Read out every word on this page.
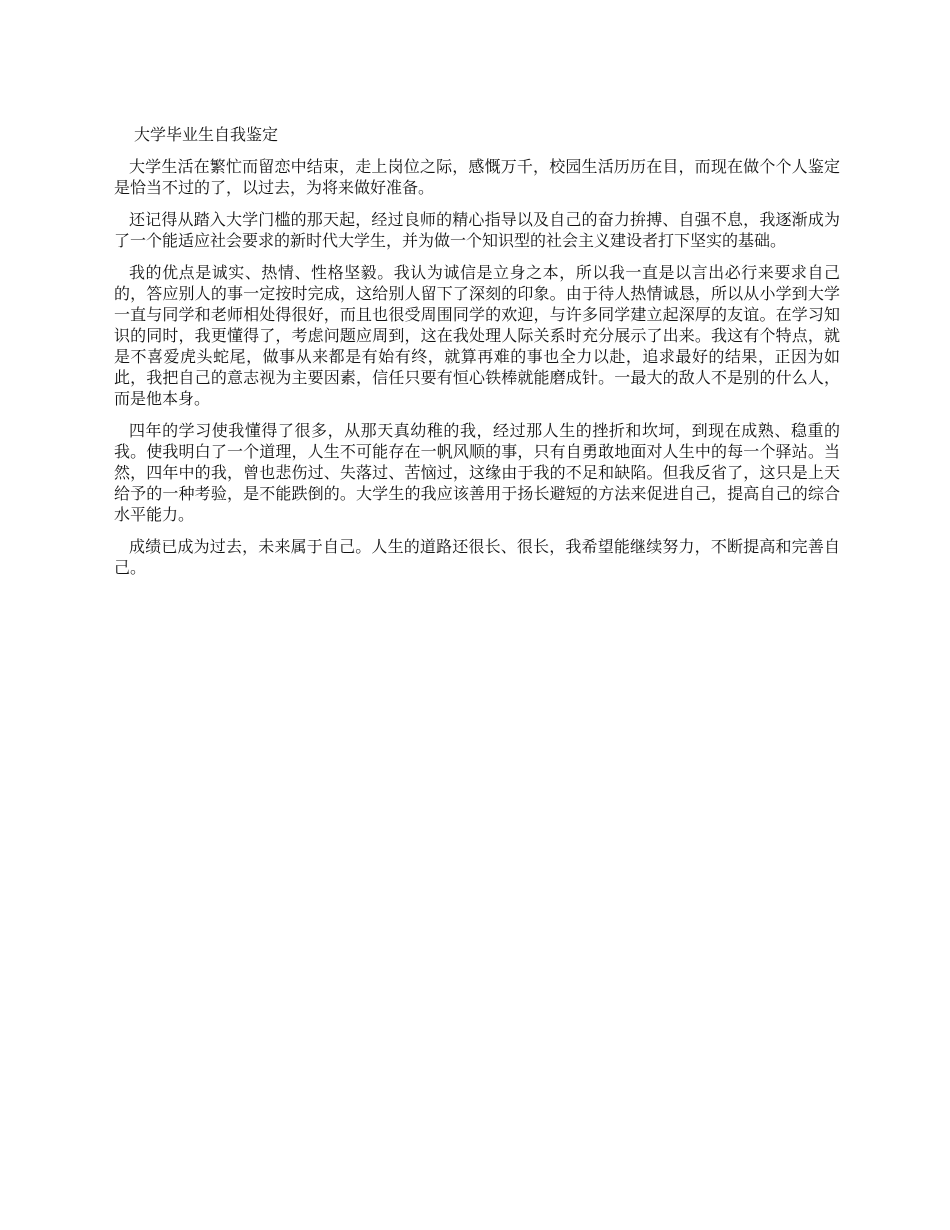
大学毕业生自我鉴定

大学生活在繁忙而留恋中结束，走上岗位之际，感慨万千，校园生活历历在目，而现在做个个人鉴定是恰当不过的了，以过去，为将来做好准备。

还记得从踏入大学门槛的那天起，经过良师的精心指导以及自己的奋力拚搏、自强不息，我逐渐成为了一个能适应社会要求的新时代大学生，并为做一个知识型的社会主义建设者打下坚实的基础。

我的优点是诚实、热情、性格坚毅。我认为诚信是立身之本，所以我一直是以言出必行来要求自己的，答应别人的事一定按时完成，这给别人留下了深刻的印象。由于待人热情诚恳，所以从小学到大学一直与同学和老师相处得很好，而且也很受周围同学的欢迎，与许多同学建立起深厚的友谊。在学习知识的同时，我更懂得了，考虑问题应周到，这在我处理人际关系时充分展示了出来。我这有个特点，就是不喜爱虎头蛇尾，做事从来都是有始有终，就算再难的事也全力以赴，追求最好的结果，正因为如此，我把自己的意志视为主要因素，信任只要有恒心铁棒就能磨成针。一最大的敌人不是别的什么人，而是他本身。

四年的学习使我懂得了很多，从那天真幼稚的我，经过那人生的挫折和坎坷，到现在成熟、稳重的我。使我明白了一个道理，人生不可能存在一帆风顺的事，只有自勇敢地面对人生中的每一个驿站。当然，四年中的我，曾也悲伤过、失落过、苦恼过，这缘由于我的不足和缺陷。但我反省了，这只是上天给予的一种考验，是不能跌倒的。大学生的我应该善用于扬长避短的方法来促进自己，提高自己的综合水平能力。

成绩已成为过去，未来属于自己。人生的道路还很长、很长，我希望能继续努力，不断提高和完善自己。
